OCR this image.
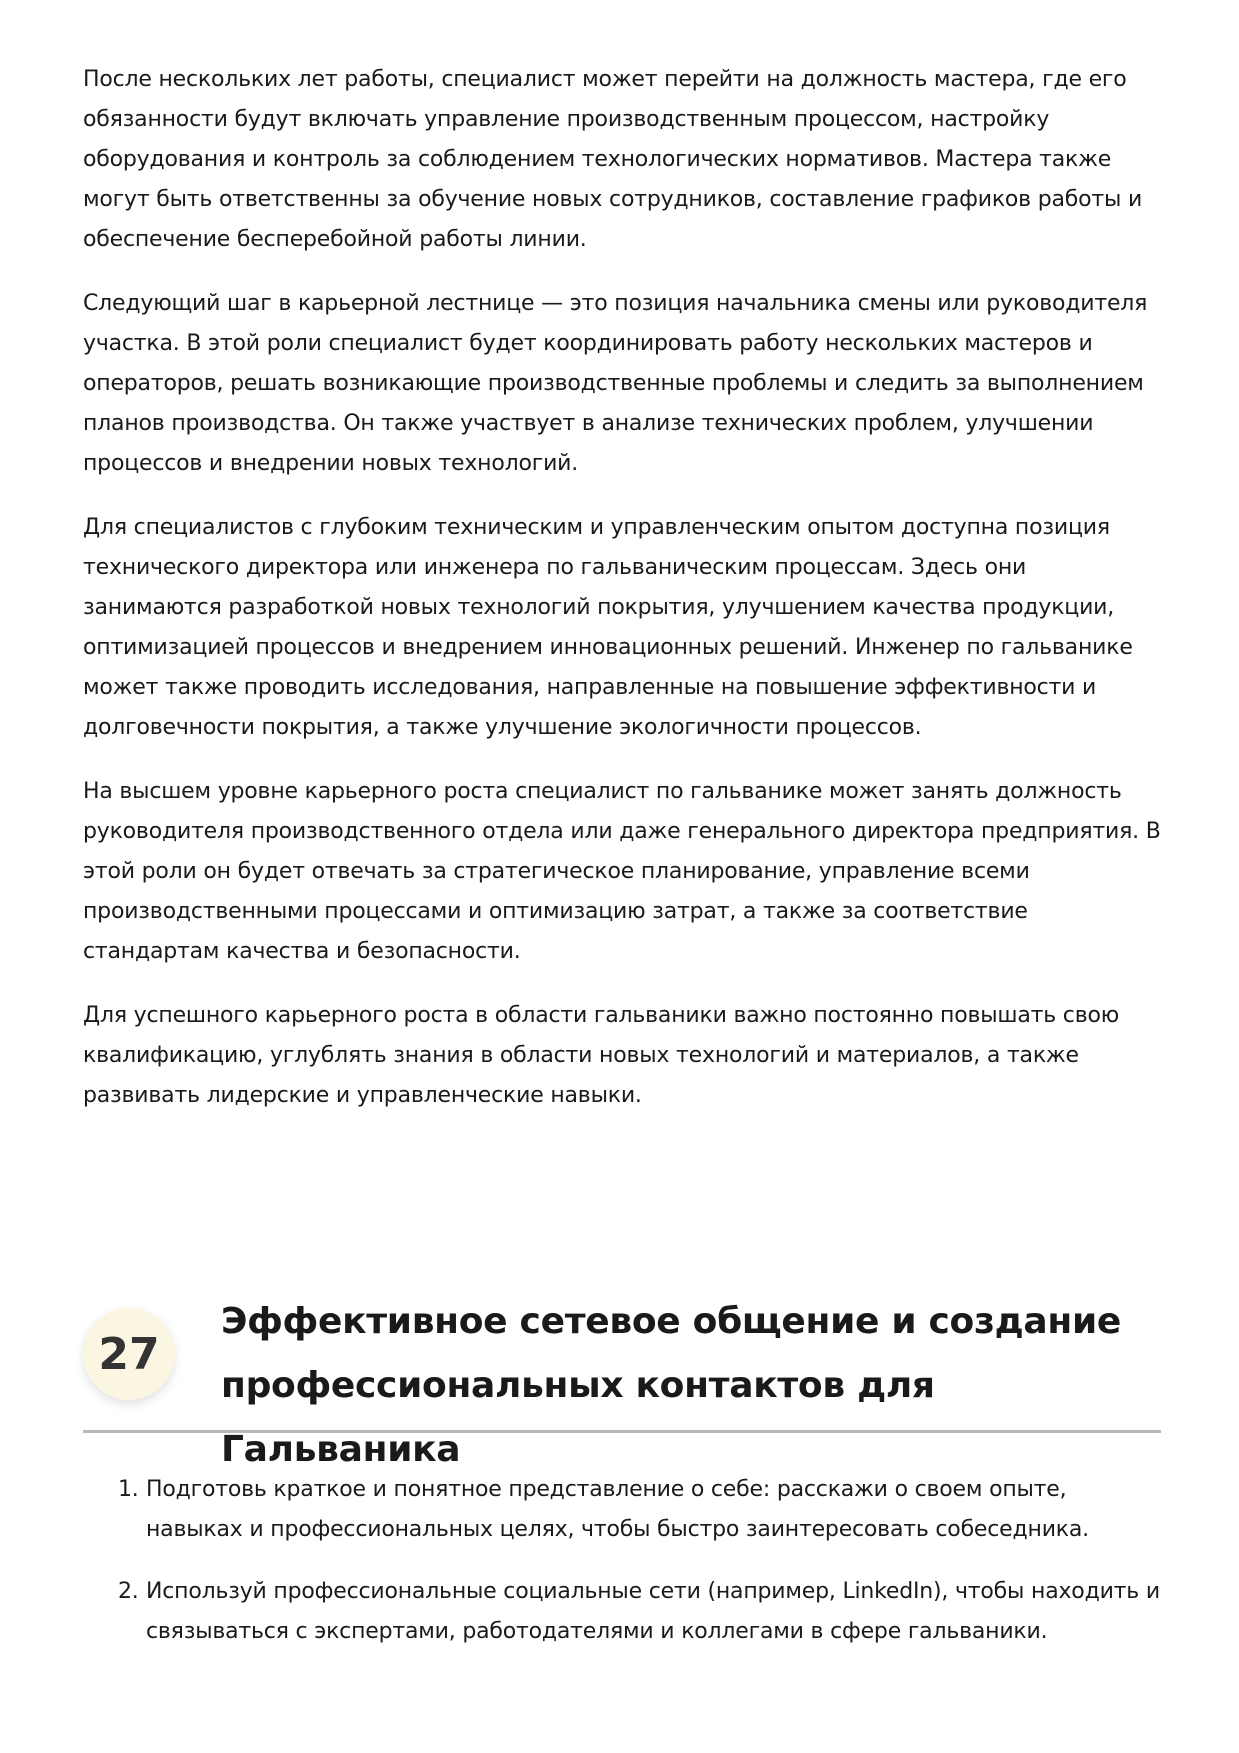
После нескольких лет работы, специалист может перейти на должность мастера, где его обязанности будут включать управление производственным процессом, настройку оборудования и контроль за соблюдением технологических нормативов. Мастера также могут быть ответственны за обучение новых сотрудников, составление графиков работы и обеспечение бесперебойной работы линии.

Следующий шаг в карьерной лестнице — это позиция начальника смены или руководителя участка. В этой роли специалист будет координировать работу нескольких мастеров и операторов, решать возникающие производственные проблемы и следить за выполнением планов производства. Он также участвует в анализе технических проблем, улучшении процессов и внедрении новых технологий.

Для специалистов с глубоким техническим и управленческим опытом доступна позиция технического директора или инженера по гальваническим процессам. Здесь они занимаются разработкой новых технологий покрытия, улучшением качества продукции, оптимизацией процессов и внедрением инновационных решений. Инженер по гальванике может также проводить исследования, направленные на повышение эффективности и долговечности покрытия, а также улучшение экологичности процессов.

На высшем уровне карьерного роста специалист по гальванике может занять должность руководителя производственного отдела или даже генерального директора предприятия. В этой роли он будет отвечать за стратегическое планирование, управление всеми производственными процессами и оптимизацию затрат, а также за соответствие стандартам качества и безопасности.

Для успешного карьерного роста в области гальваники важно постоянно повышать свою квалификацию, углублять знания в области новых технологий и материалов, а также развивать лидерские и управленческие навыки.

27
Эффективное сетевое общение и создание профессиональных контактов для Гальваника
1. Подготовь краткое и понятное представление о себе: расскажи о своем опыте, навыках и профессиональных целях, чтобы быстро заинтересовать собеседника.
2. Используй профессиональные социальные сети (например, LinkedIn), чтобы находить и связываться с экспертами, работодателями и коллегами в сфере гальваники.
